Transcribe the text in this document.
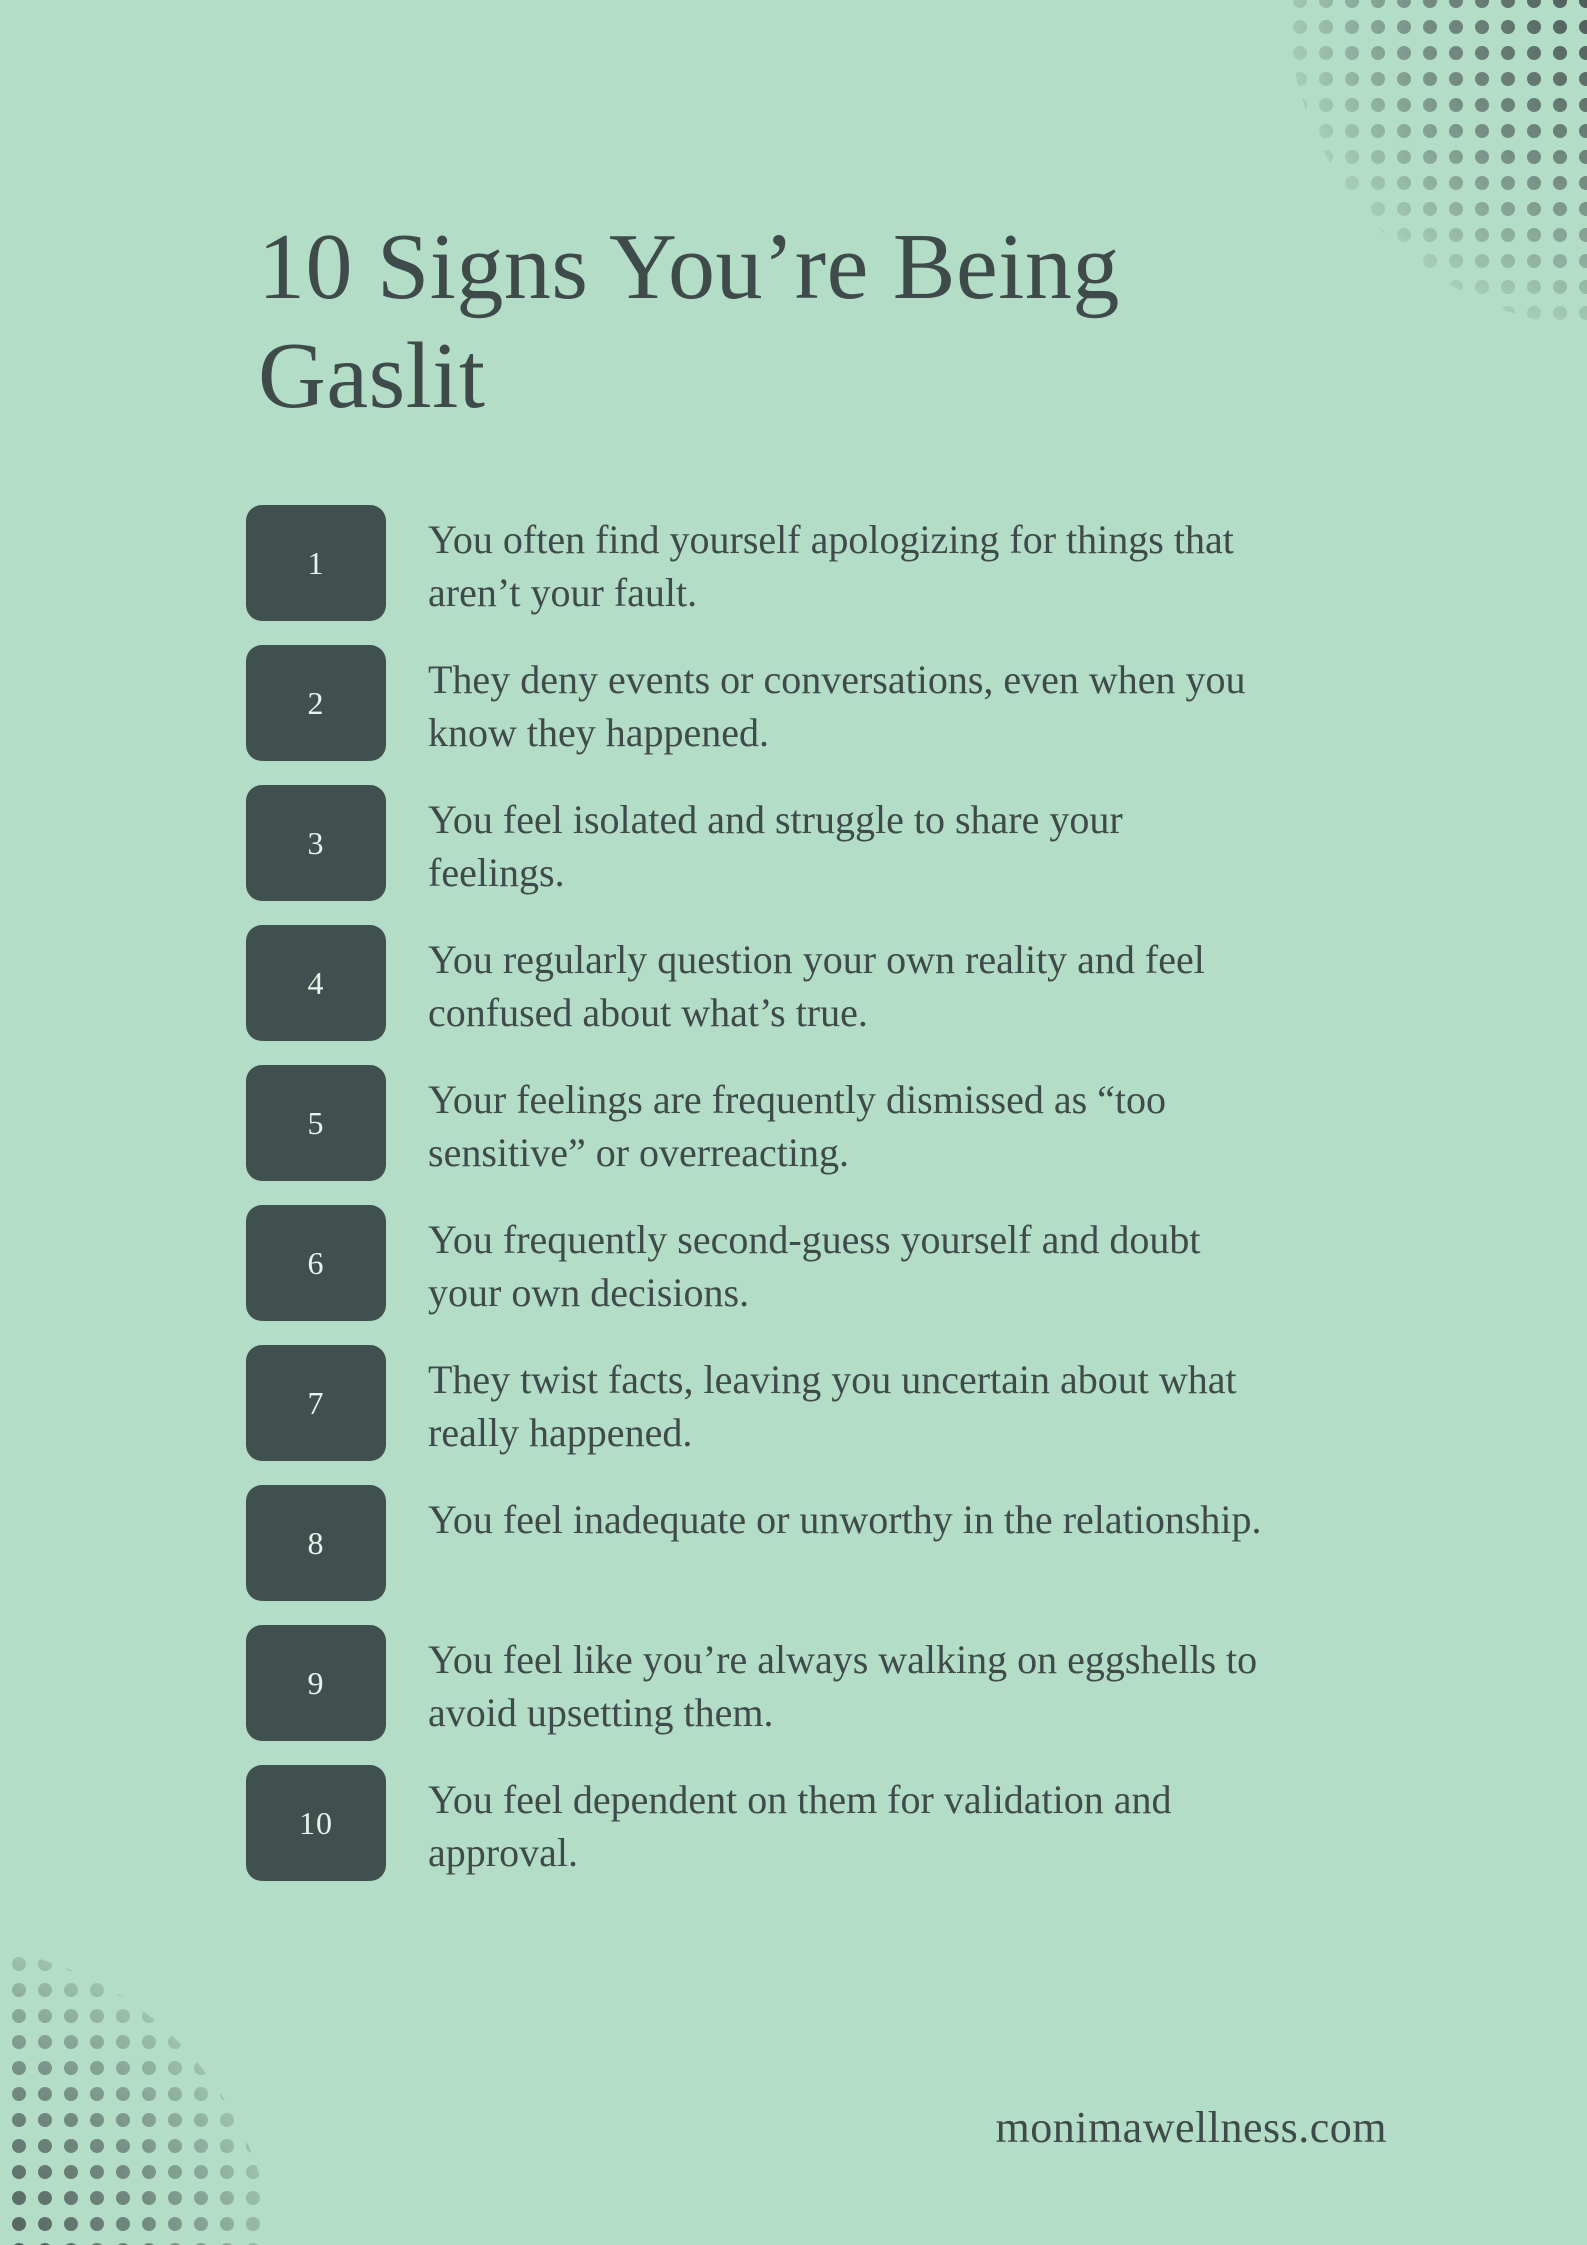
10 Signs You’re Being Gaslit
1
You often find yourself apologizing for things that aren’t your fault.
2
They deny events or conversations, even when you know they happened.
3
You feel isolated and struggle to share your feelings.
4
You regularly question your own reality and feel confused about what’s true.
5
Your feelings are frequently dismissed as “too sensitive” or overreacting.
6
You frequently second-guess yourself and doubt your own decisions.
7
They twist facts, leaving you uncertain about what really happened.
8
You feel inadequate or unworthy in the relationship.
9
You feel like you’re always walking on eggshells to avoid upsetting them.
10
You feel dependent on them for validation and approval.
monimawellness.com
